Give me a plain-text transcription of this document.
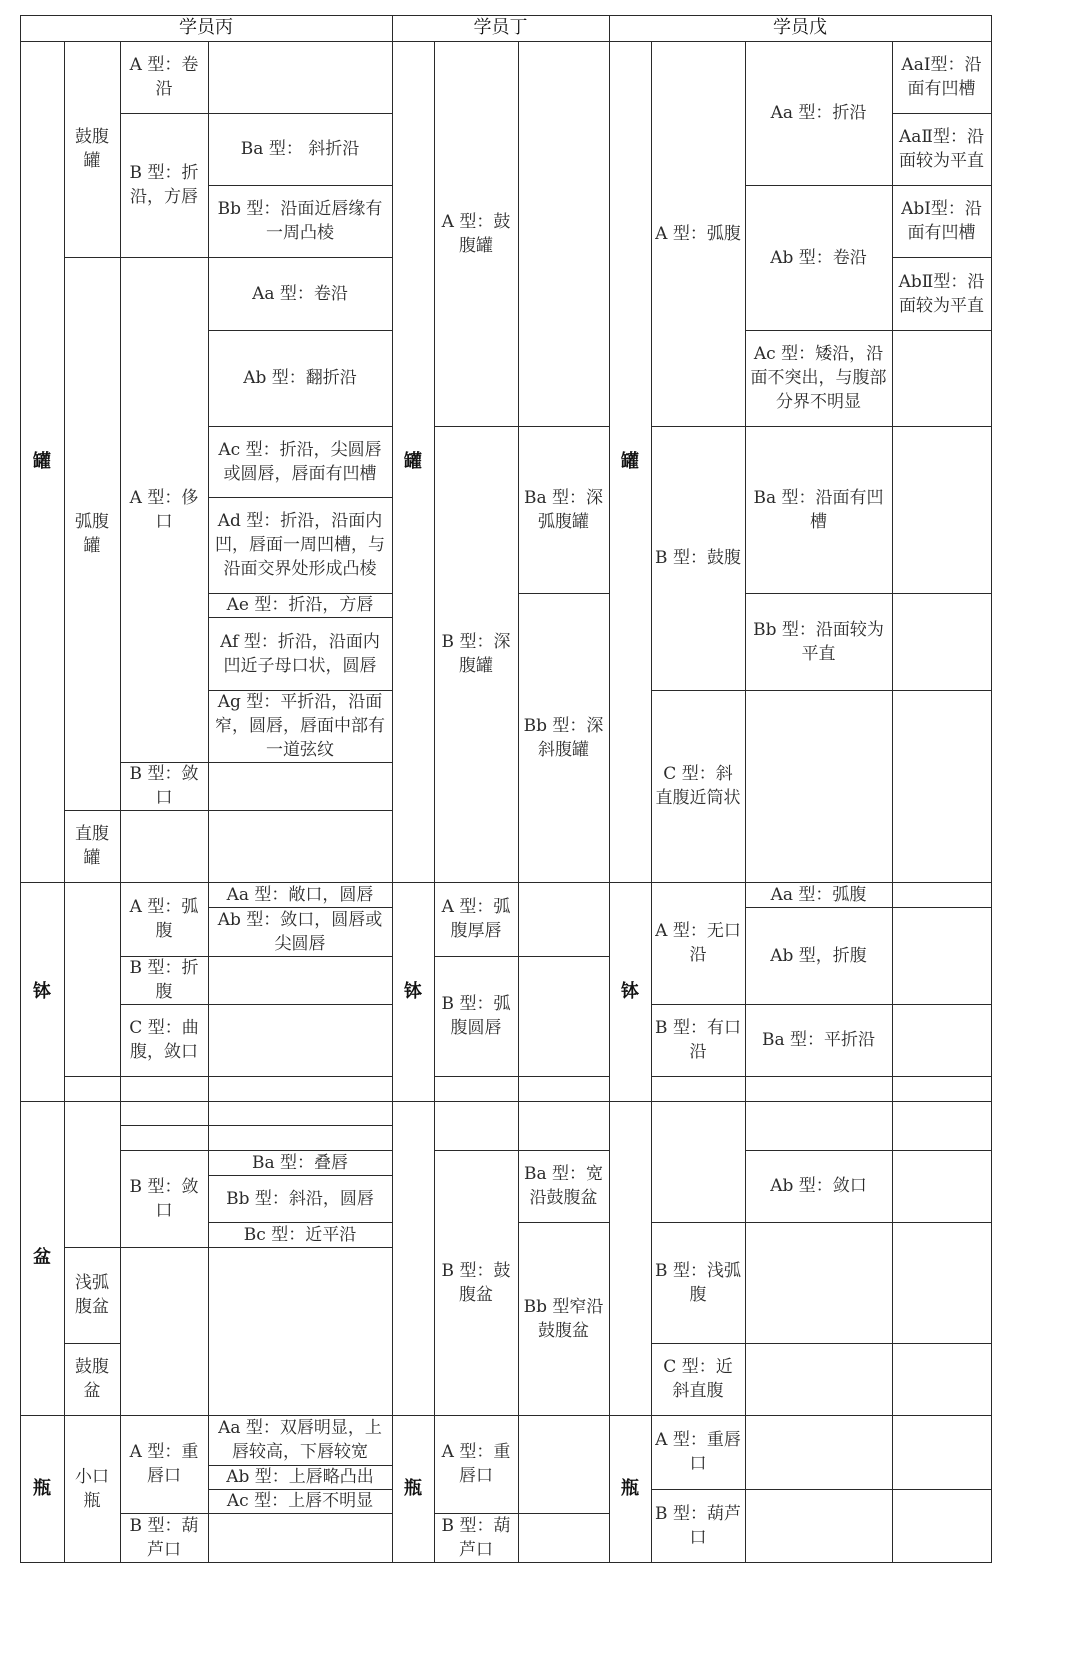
学员丙	学员丁	学员戊
罐
钵
盆
瓶
罐
钵
瓶
罐
钵
瓶
鼓腹罐
弧腹罐
直腹罐
A 型：卷沿
B 型：折沿，方唇
Ba 型： 斜折沿
Bb 型：沿面近唇缘有一周凸棱
A 型：侈口
Aa 型：卷沿
Ab 型：翻折沿
Ac 型：折沿，尖圆唇或圆唇，唇面有凹槽
Ad 型：折沿，沿面内凹，唇面一周凹槽，与沿面交界处形成凸棱
Ae 型：折沿，方唇
Af 型：折沿，沿面内凹近子母口状，圆唇
Ag 型：平折沿，沿面窄，圆唇，唇面中部有一道弦纹
B 型：敛口
A 型：弧腹
Aa 型：敞口，圆唇
Ab 型：敛口，圆唇或尖圆唇
B 型：折腹
C 型：曲腹，敛口
B 型：敛口
Ba 型：叠唇
Bb 型：斜沿，圆唇
Bc 型：近平沿
浅弧腹盆
鼓腹盆
小口瓶
A 型：重唇口
Aa 型：双唇明显，上唇较高，下唇较宽
Ab 型：上唇略凸出
Ac 型：上唇不明显
B 型：葫芦口
A 型：鼓腹罐
B 型：深腹罐
Ba 型：深弧腹罐
Bb 型：深斜腹罐
A 型：弧腹厚唇
B 型：弧腹圆唇
B 型：鼓腹盆
Ba 型：宽沿鼓腹盆
Bb 型窄沿鼓腹盆
A 型：重唇口
B 型：葫芦口
A 型：弧腹
Aa 型：折沿
AaⅠ型：沿面有凹槽
AaⅡ型：沿面较为平直
Ab 型：卷沿
AbⅠ型：沿面有凹槽
AbⅡ型：沿面较为平直
Ac 型：矮沿，沿面不突出，与腹部分界不明显
B 型：鼓腹
Ba 型：沿面有凹槽
Bb 型：沿面较为平直
C 型：斜直腹近筒状
A 型：无口沿
Aa 型：弧腹
Ab 型，折腹
B 型：有口沿
Ba 型：平折沿
Ab 型：敛口
B 型：浅弧腹
C 型：近斜直腹
A 型：重唇口
B 型：葫芦口
